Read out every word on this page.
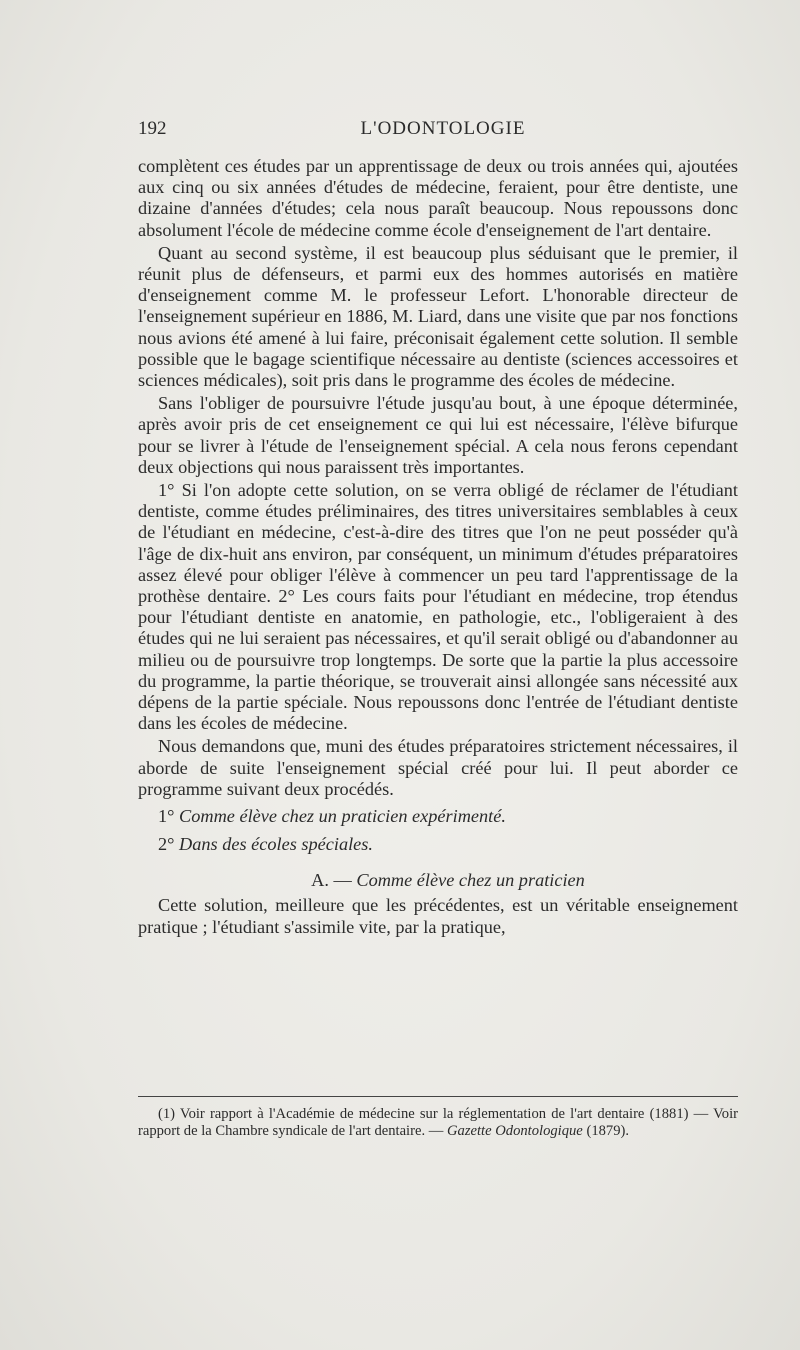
192	L'ODONTOLOGIE

complètent ces études par un apprentissage de deux ou trois années qui, ajoutées aux cinq ou six années d'études de médecine, feraient, pour être dentiste, une dizaine d'années d'études; cela nous paraît beaucoup. Nous repoussons donc absolument l'école de médecine comme école d'enseignement de l'art dentaire.

Quant au second système, il est beaucoup plus séduisant que le premier, il réunit plus de défenseurs, et parmi eux des hommes autorisés en matière d'enseignement comme M. le professeur Lefort. L'honorable directeur de l'enseignement supérieur en 1886, M. Liard, dans une visite que par nos fonctions nous avions été amené à lui faire, préconisait également cette solution. Il semble possible que le bagage scientifique nécessaire au dentiste (sciences accessoires et sciences médicales), soit pris dans le programme des écoles de médecine.

Sans l'obliger de poursuivre l'étude jusqu'au bout, à une époque déterminée, après avoir pris de cet enseignement ce qui lui est nécessaire, l'élève bifurque pour se livrer à l'étude de l'enseignement spécial. A cela nous ferons cependant deux objections qui nous paraissent très importantes.

1° Si l'on adopte cette solution, on se verra obligé de réclamer de l'étudiant dentiste, comme études préliminaires, des titres universitaires semblables à ceux de l'étudiant en médecine, c'est-à-dire des titres que l'on ne peut posséder qu'à l'âge de dix-huit ans environ, par conséquent, un minimum d'études préparatoires assez élevé pour obliger l'élève à commencer un peu tard l'apprentissage de la prothèse dentaire. 2° Les cours faits pour l'étudiant en médecine, trop étendus pour l'étudiant dentiste en anatomie, en pathologie, etc., l'obligeraient à des études qui ne lui seraient pas nécessaires, et qu'il serait obligé ou d'abandonner au milieu ou de poursuivre trop longtemps. De sorte que la partie la plus accessoire du programme, la partie théorique, se trouverait ainsi allongée sans nécessité aux dépens de la partie spéciale. Nous repoussons donc l'entrée de l'étudiant dentiste dans les écoles de médecine.

Nous demandons que, muni des études préparatoires strictement nécessaires, il aborde de suite l'enseignement spécial créé pour lui. Il peut aborder ce programme suivant deux procédés.

1° Comme élève chez un praticien expérimenté.
2° Dans des écoles spéciales.
A. — Comme élève chez un praticien

Cette solution, meilleure que les précédentes, est un véritable enseignement pratique ; l'étudiant s'assimile vite, par la pratique,

(1) Voir rapport à l'Académie de médecine sur la réglementation de l'art dentaire (1881) — Voir rapport de la Chambre syndicale de l'art dentaire. — Gazette Odontologique (1879).
